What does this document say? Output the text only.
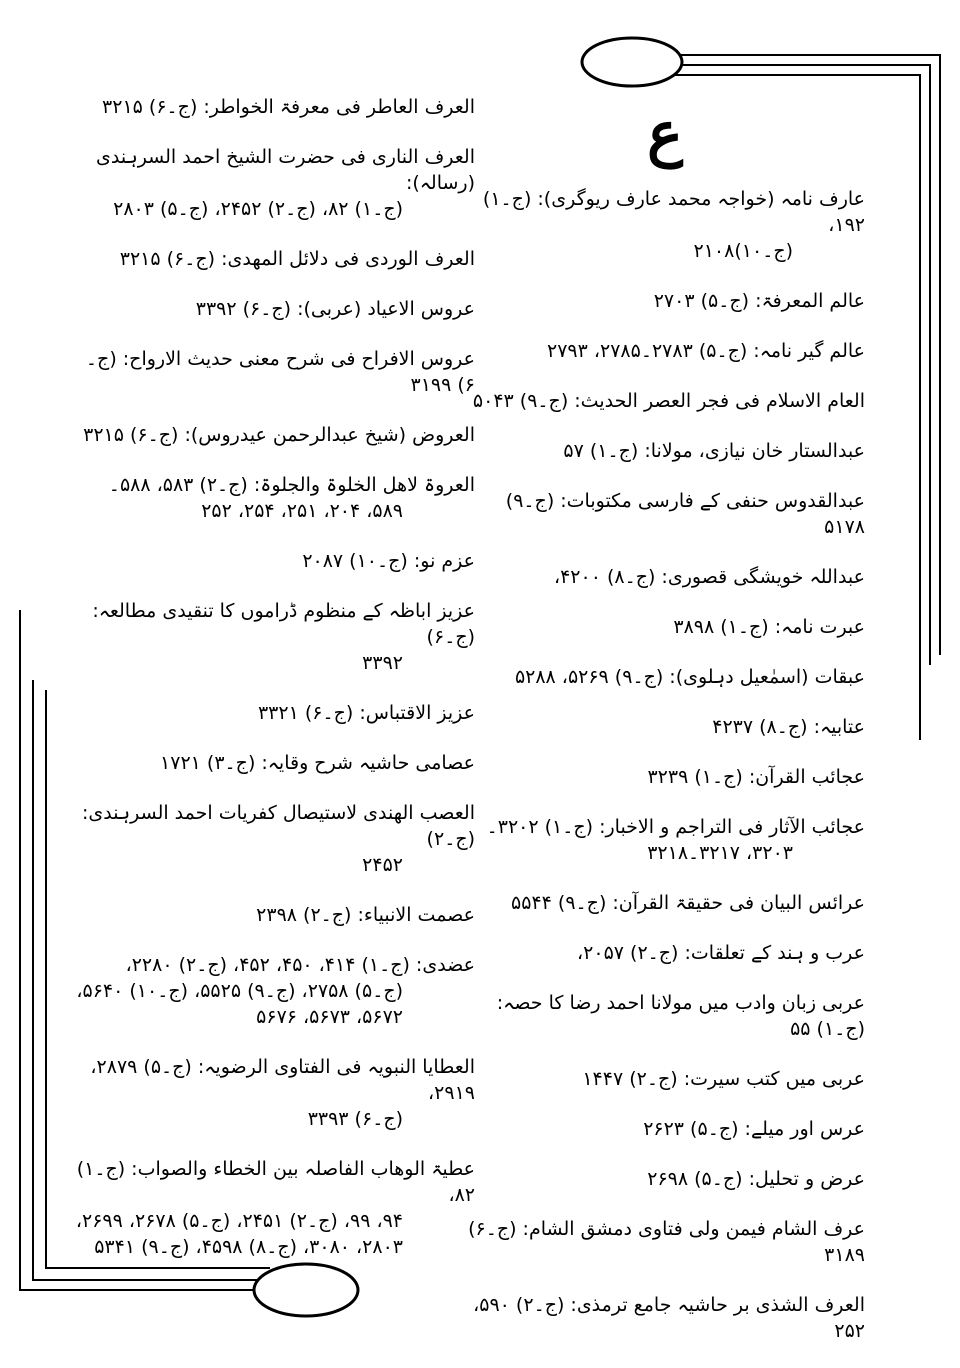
ع
عارف نامہ (خواجہ محمد عارف ریوگری): (ج۔۱) ۱۹۲،
(ج۔۱۰)۲۱۰۸
عالم المعرفۃ: (ج۔۵) ۲۷۰۳
عالم گیر نامہ: (ج۔۵) ۲۷۸۳۔۲۷۸۵، ۲۷۹۳
العام الاسلام فی فجر العصر الحدیث: (ج۔۹) ۵۰۴۳
عبدالستار خان نیازی، مولانا: (ج۔۱) ۵۷
عبدالقدوس حنفی کے فارسی مکتوبات: (ج۔۹) ۵۱۷۸
عبداللہ خویشگی قصوری: (ج۔۸) ۴۲۰۰،
عبرت نامہ: (ج۔۱) ۳۸۹۸
عبقات (اسمٰعیل دہلوی): (ج۔۹) ۵۲۶۹، ۵۲۸۸
عتابیہ: (ج۔۸) ۴۲۳۷
عجائب القرآن: (ج۔۱) ۳۲۳۹
عجائب الآثار فی التراجم و الاخبار: (ج۔۱) ۳۲۰۲۔
۳۲۰۳، ۳۲۱۷۔۳۲۱۸
عرائس البیان فی حقیقۃ القرآن: (ج۔۹) ۵۵۴۴
عرب و ہند کے تعلقات: (ج۔۲) ۲۰۵۷،
عربی زبان وادب میں مولانا احمد رضا کا حصہ: (ج۔۱) ۵۵
عربی میں کتب سیرت: (ج۔۲) ۱۴۴۷
عرس اور میلے: (ج۔۵) ۲۶۲۳
عرض و تحلیل: (ج۔۵) ۲۶۹۸
عرف الشام فیمن ولی فتاوی دمشق الشام: (ج۔۶) ۳۱۸۹
العرف الشذی بر حاشیہ جامع ترمذی: (ج۔۲) ۵۹۰، ۲۵۲
العرف العاطر فی معرفۃ الخواطر: (ج۔۶) ۳۲۱۵
العرف الناری فی حضرت الشیخ احمد السرہندی (رسالہ):
(ج۔۱) ۸۲، (ج۔۲) ۲۴۵۲، (ج۔۵) ۲۸۰۳
العرف الوردی فی دلائل المھدی: (ج۔۶) ۳۲۱۵
عروس الاعیاد (عربی): (ج۔۶) ۳۳۹۲
عروس الافراح فی شرح معنی حدیث الارواح: (ج۔۶) ۳۱۹۹
العروض (شیخ عبدالرحمن عیدروس): (ج۔۶) ۳۲۱۵
العروۃ لاھل الخلوۃ والجلوۃ: (ج۔۲) ۵۸۳، ۵۸۸۔
۵۸۹، ۲۰۴، ۲۵۱، ۲۵۴، ۲۵۲
عزم نو: (ج۔۱۰) ۲۰۸۷
عزیز اباظہ کے منظوم ڈراموں کا تنقیدی مطالعہ: (ج۔۶)
۳۳۹۲
عزیز الاقتباس: (ج۔۶) ۳۳۲۱
عصامی حاشیہ شرح وقایہ: (ج۔۳) ۱۷۲۱
العصب الھندی لاستیصال کفریات احمد السرہندی: (ج۔۲)
۲۴۵۲
عصمت الانبیاء: (ج۔۲) ۲۳۹۸
عضدی: (ج۔۱) ۴۱۴، ۴۵۰، ۴۵۲، (ج۔۲) ۲۲۸۰،
(ج۔۵) ۲۷۵۸، (ج۔۹) ۵۵۲۵، (ج۔۱۰) ۵۶۴۰،
۵۶۷۲، ۵۶۷۳، ۵۶۷۶
العطایا النبویہ فی الفتاوی الرضویہ: (ج۔۵) ۲۸۷۹، ۲۹۱۹،
(ج۔۶) ۳۳۹۳
عطیۃ الوھاب الفاصلہ بین الخطاء والصواب: (ج۔۱) ۸۲،
۹۴، ۹۹، (ج۔۲) ۲۴۵۱، (ج۔۵) ۲۶۷۸، ۲۶۹۹،
۲۸۰۳، ۳۰۸۰، (ج۔۸) ۴۵۹۸، (ج۔۹) ۵۳۴۱
